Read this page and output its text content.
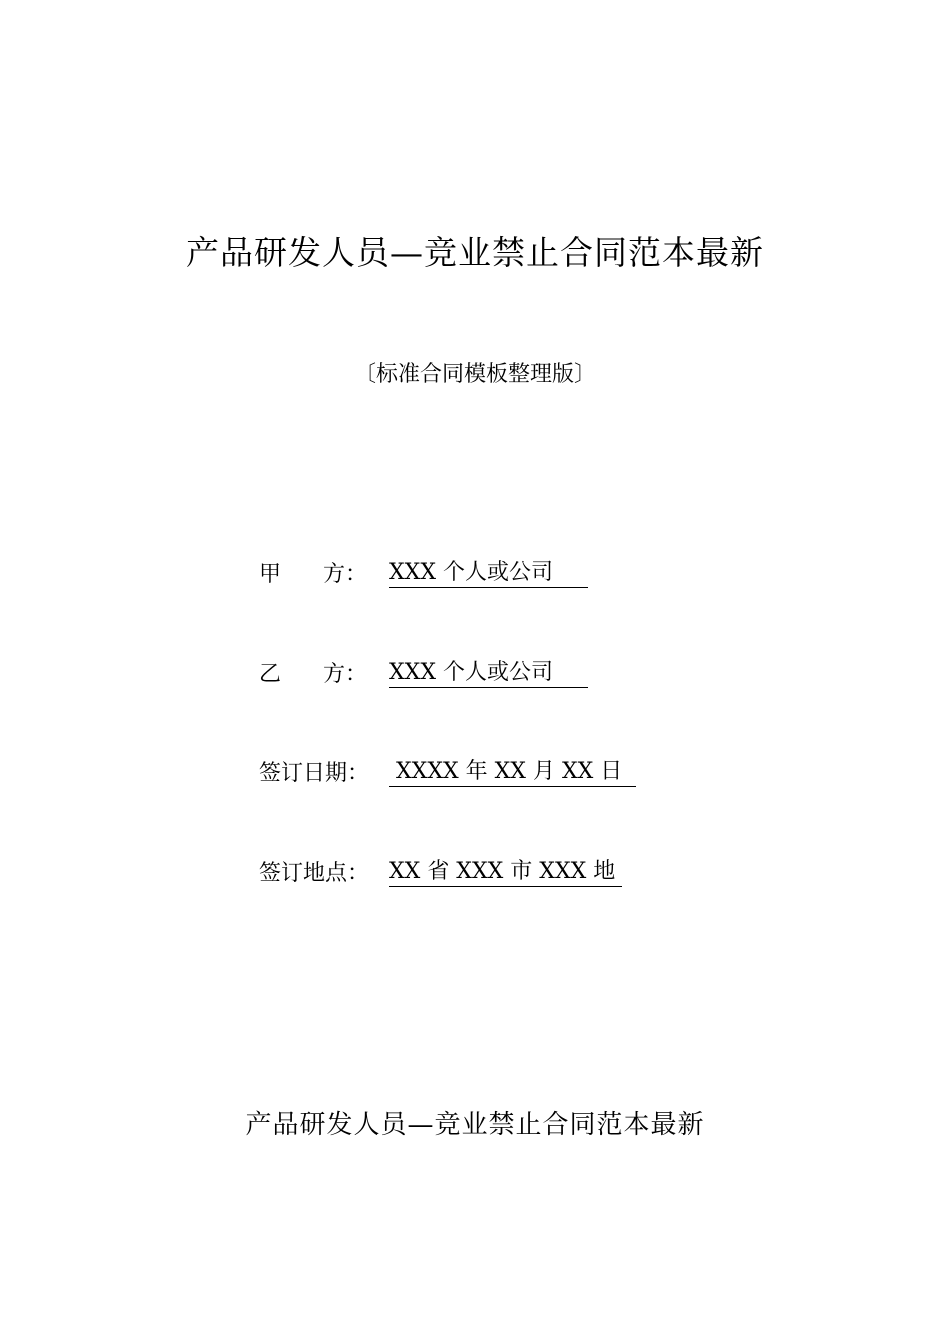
产品研发人员—竞业禁止合同范本最新
〔标准合同模板整理版〕
甲 方： XXX 个人或公司
乙 方： XXX 个人或公司
签订日期： XXXX 年 XX 月 XX 日
签订地点： XX 省 XXX 市 XXX 地
产品研发人员—竞业禁止合同范本最新
